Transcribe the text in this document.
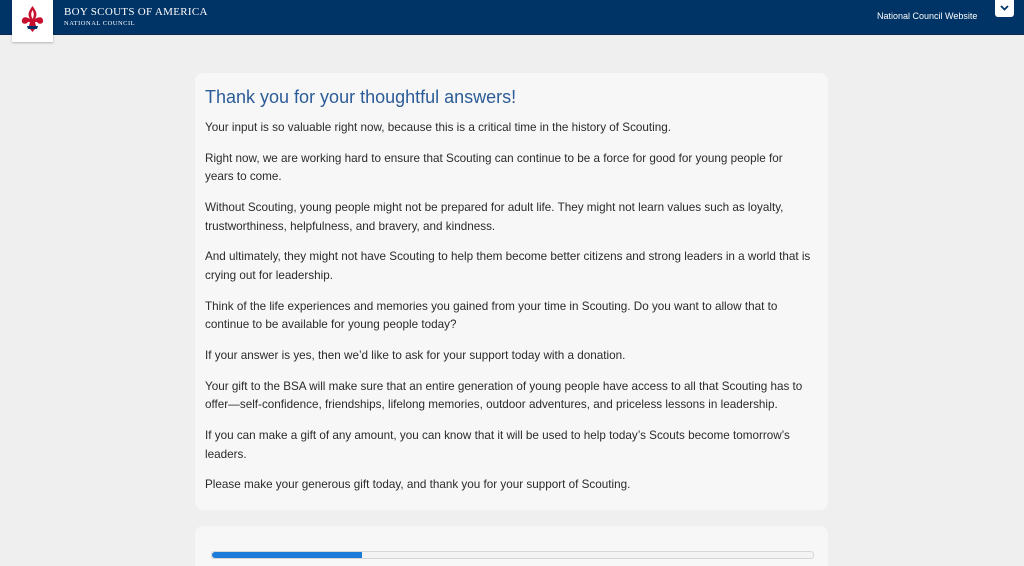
BOY SCOUTS OF AMERICA
NATIONAL COUNCIL
National Council Website
Thank you for your thoughtful answers!

Your input is so valuable right now, because this is a critical time in the history of Scouting.

Right now, we are working hard to ensure that Scouting can continue to be a force for good for young people for years to come.

Without Scouting, young people might not be prepared for adult life. They might not learn values such as loyalty, trustworthiness, helpfulness, and bravery, and kindness.

And ultimately, they might not have Scouting to help them become better citizens and strong leaders in a world that is crying out for leadership.

Think of the life experiences and memories you gained from your time in Scouting. Do you want to allow that to continue to be available for young people today?

If your answer is yes, then we’d like to ask for your support today with a donation.

Your gift to the BSA will make sure that an entire generation of young people have access to all that Scouting has to offer—self-confidence, friendships, lifelong memories, outdoor adventures, and priceless lessons in leadership.

If you can make a gift of any amount, you can know that it will be used to help today’s Scouts become tomorrow’s leaders.

Please make your generous gift today, and thank you for your support of Scouting.
